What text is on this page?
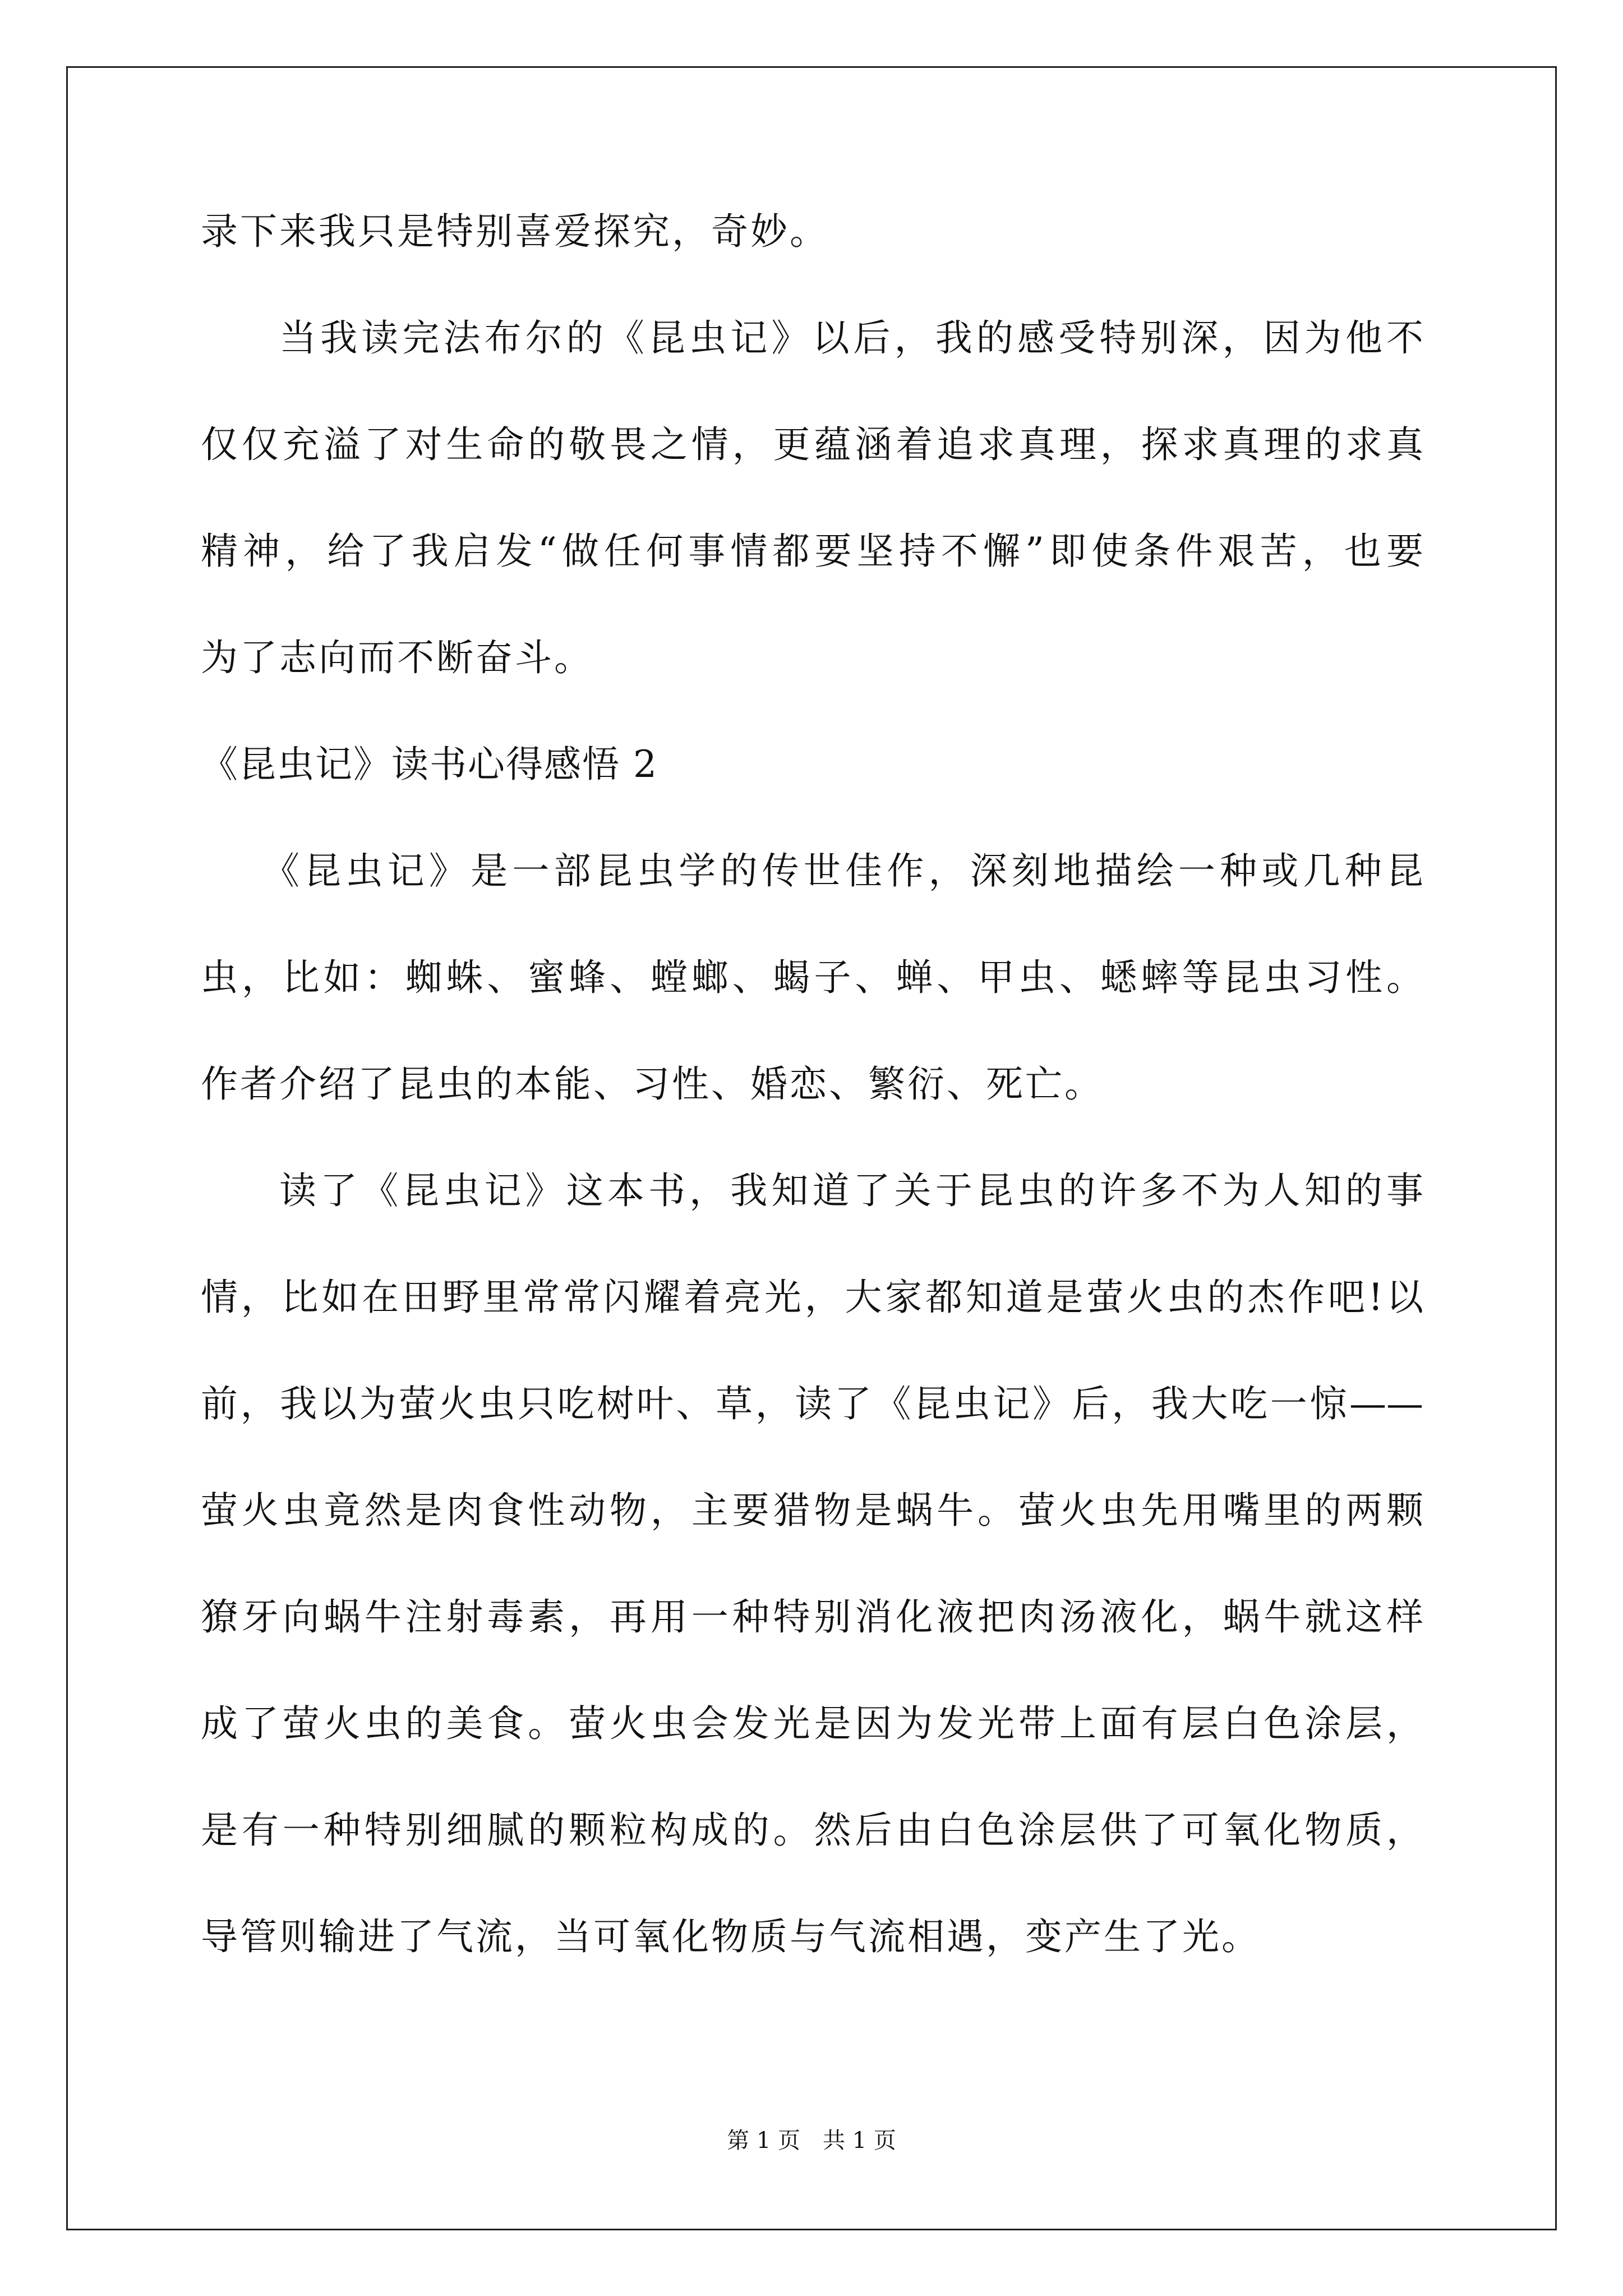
录下来我只是特别喜爱探究，奇妙。
当我读完法布尔的《昆虫记》以后，我的感受特别深，因为他不
仅仅充溢了对生命的敬畏之情，更蕴涵着追求真理，探求真理的求真
精神，给了我启发“做任何事情都要坚持不懈”即使条件艰苦，也要
为了志向而不断奋斗。
《昆虫记》读书心得感悟 2
《昆虫记》是一部昆虫学的传世佳作，深刻地描绘一种或几种昆
虫，比如：蜘蛛、蜜蜂、螳螂、蝎子、蝉、甲虫、蟋蟀等昆虫习性。
作者介绍了昆虫的本能、习性、婚恋、繁衍、死亡。
读了《昆虫记》这本书，我知道了关于昆虫的许多不为人知的事
情，比如在田野里常常闪耀着亮光，大家都知道是萤火虫的杰作吧!以
前，我以为萤火虫只吃树叶、草，读了《昆虫记》后，我大吃一惊——
萤火虫竟然是肉食性动物，主要猎物是蜗牛。萤火虫先用嘴里的两颗
獠牙向蜗牛注射毒素，再用一种特别消化液把肉汤液化，蜗牛就这样
成了萤火虫的美食。萤火虫会发光是因为发光带上面有层白色涂层，
是有一种特别细腻的颗粒构成的。然后由白色涂层供了可氧化物质，
导管则输进了气流，当可氧化物质与气流相遇，变产生了光。
第 1 页　共 1 页
